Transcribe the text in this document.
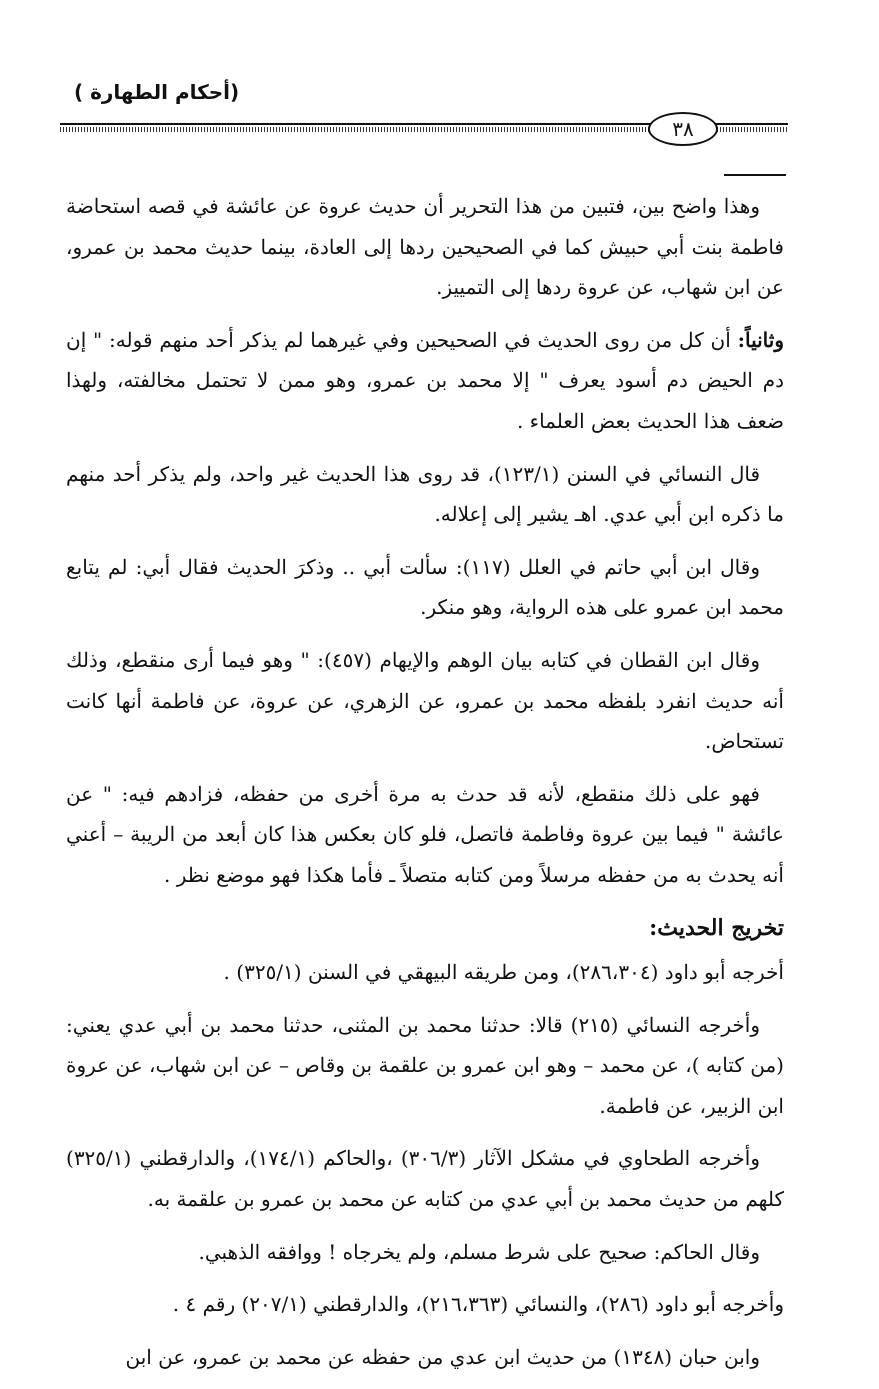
(أحكام الطهارة )
٣٨

وهذا واضح بين، فتبين من هذا التحرير أن حديث عروة عن عائشة في قصه استحاضة فاطمة بنت أبي حبيش كما في الصحيحين ردها إلى العادة، بينما حديث محمد بن عمرو، عن ابن شهاب، عن عروة ردها إلى التمييز.

وثانياً: أن كل من روى الحديث في الصحيحين وفي غيرهما لم يذكر أحد منهم قوله: " إن دم الحيض دم أسود يعرف " إلا محمد بن عمرو، وهو ممن لا تحتمل مخالفته، ولهذا ضعف هذا الحديث بعض العلماء .

قال النسائي في السنن (١٢٣/١)، قد روى هذا الحديث غير واحد، ولم يذكر أحد منهم ما ذكره ابن أبي عدي. اهـ يشير إلى إعلاله.

وقال ابن أبي حاتم في العلل (١١٧): سألت أبي .. وذكرَ الحديث فقال أبي: لم يتابع محمد ابن عمرو على هذه الرواية، وهو منكر.

وقال ابن القطان في كتابه بيان الوهم والإيهام (٤٥٧): " وهو فيما أرى منقطع، وذلك أنه حديث انفرد بلفظه محمد بن عمرو، عن الزهري، عن عروة، عن فاطمة أنها كانت تستحاض.

فهو على ذلك منقطع، لأنه قد حدث به مرة أخرى من حفظه، فزادهم فيه: " عن عائشة " فيما بين عروة وفاطمة فاتصل، فلو كان بعكس هذا كان أبعد من الريبة – أعني أنه يحدث به من حفظه مرسلاً ومن كتابه متصلاً ـ فأما هكذا فهو موضع نظر .

تخريج الحديث:

أخرجه أبو داود (٢٨٦،٣٠٤)، ومن طريقه البيهقي في السنن (٣٢٥/١) .

وأخرجه النسائي (٢١٥) قالا: حدثنا محمد بن المثنى، حدثنا محمد بن أبي عدي يعني: (من كتابه )، عن محمد – وهو ابن عمرو بن علقمة بن وقاص – عن ابن شهاب، عن عروة ابن الزبير، عن فاطمة.

وأخرجه الطحاوي في مشكل الآثار (٣٠٦/٣) ،والحاكم (١٧٤/١)، والدارقطني (٣٢٥/١) كلهم من حديث محمد بن أبي عدي من كتابه عن محمد بن عمرو بن علقمة به.

وقال الحاكم: صحيح على شرط مسلم، ولم يخرجاه ! ووافقه الذهبي.

وأخرجه أبو داود (٢٨٦)، والنسائي (٢١٦،٣٦٣)، والدارقطني (٢٠٧/١) رقم ٤ .

وابن حبان (١٣٤٨) من حديث ابن عدي من حفظه عن محمد بن عمرو، عن ابن
